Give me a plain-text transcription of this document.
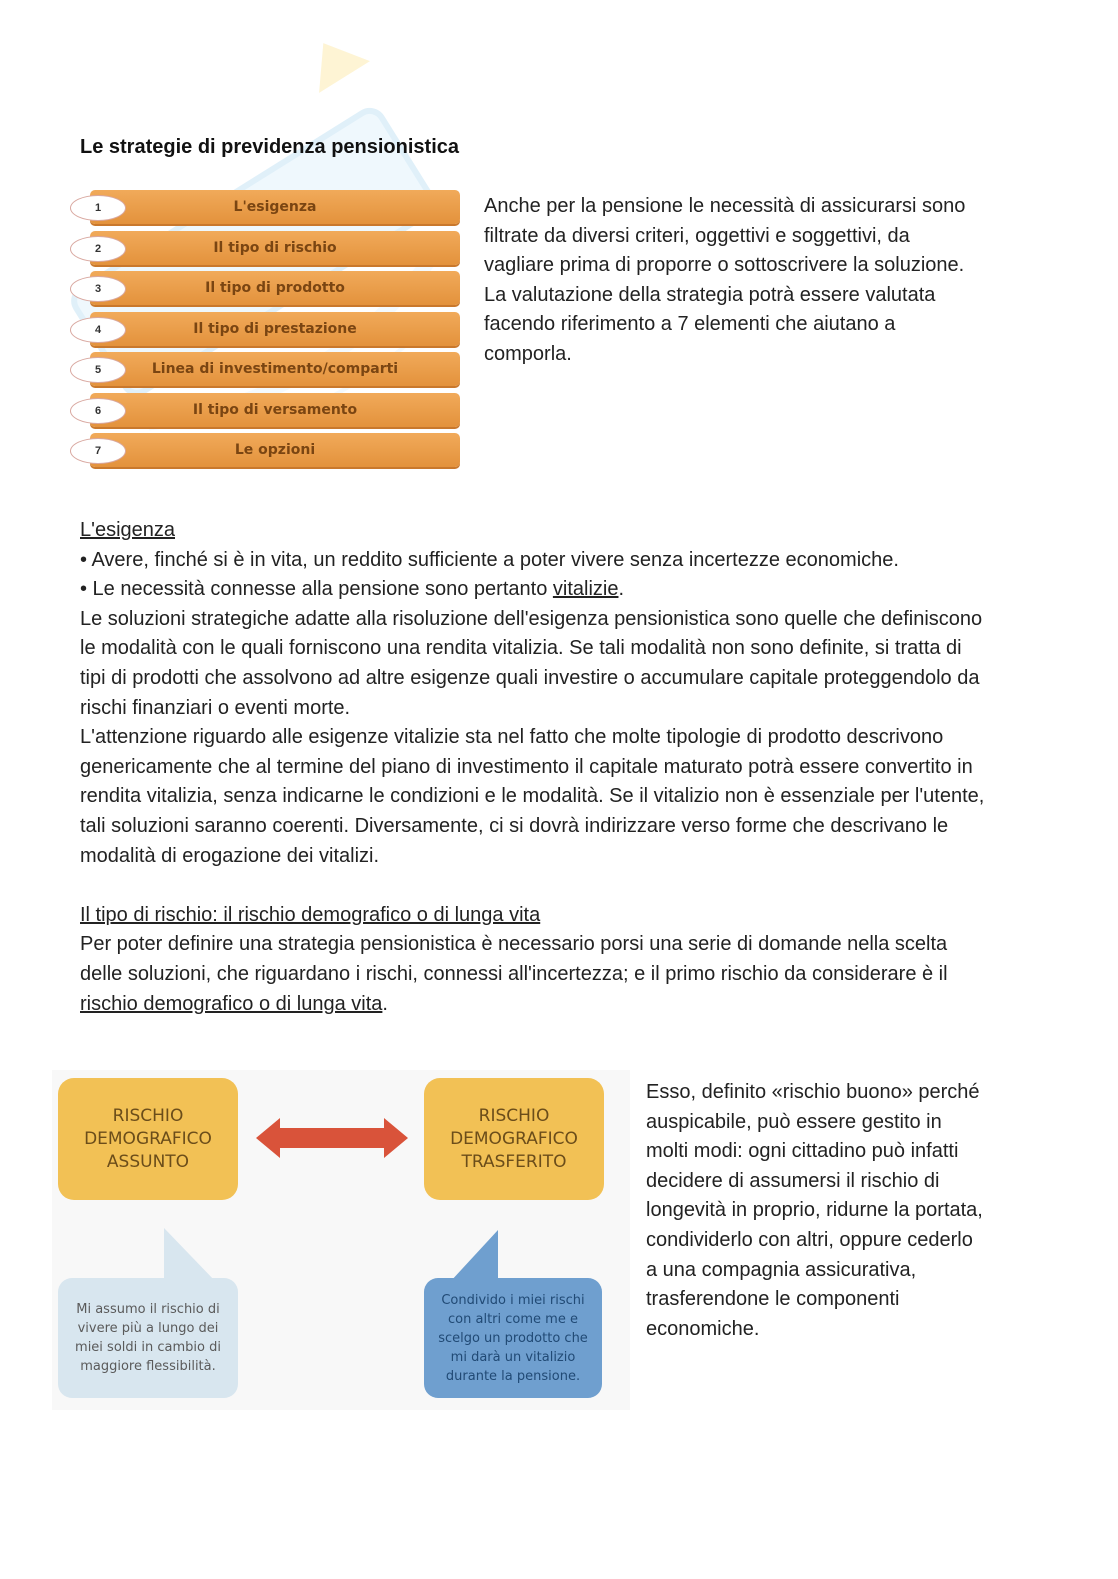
Le strategie di previdenza pensionistica
1	L'esigenza
2	Il tipo di rischio
3	Il tipo di prodotto
4	Il tipo di prestazione
5	Linea di investimento/comparti
6	Il tipo di versamento
7	Le opzioni
Anche per la pensione le necessità di assicurarsi sono filtrate da diversi criteri, oggettivi e soggettivi, da vagliare prima di proporre o sottoscrivere la soluzione. La valutazione della strategia potrà essere valutata facendo riferimento a 7 elementi che aiutano a comporla.

L'esigenza

• Avere, finché si è in vita, un reddito sufficiente a poter vivere senza incertezze economiche.

• Le necessità connesse alla pensione sono pertanto vitalizie.

Le soluzioni strategiche adatte alla risoluzione dell'esigenza pensionistica sono quelle che definiscono le modalità con le quali forniscono una rendita vitalizia. Se tali modalità non sono definite, si tratta di tipi di prodotti che assolvono ad altre esigenze quali investire o accumulare capitale proteggendolo da rischi finanziari o eventi morte.

L'attenzione riguardo alle esigenze vitalizie sta nel fatto che molte tipologie di prodotto descrivono genericamente che al termine del piano di investimento il capitale maturato potrà essere convertito in rendita vitalizia, senza indicarne le condizioni e le modalità. Se il vitalizio non è essenziale per l'utente, tali soluzioni saranno coerenti. Diversamente, ci si dovrà indirizzare verso forme che descrivano le modalità di erogazione dei vitalizi.

Il tipo di rischio: il rischio demografico o di lunga vita

Per poter definire una strategia pensionistica è necessario porsi una serie di domande nella scelta delle soluzioni, che riguardano i rischi, connessi all'incertezza; e il primo rischio da considerare è il rischio demografico o di lunga vita.

RISCHIO
DEMOGRAFICO
ASSUNTO
RISCHIO
DEMOGRAFICO
TRASFERITO
Mi assumo il rischio di
vivere più a lungo dei
miei soldi in cambio di
maggiore flessibilità.
Condivido i miei rischi
con altri come me e
scelgo un prodotto che
mi darà un vitalizio
durante la pensione.
Esso, definito «rischio buono» perché auspicabile, può essere gestito in molti modi: ogni cittadino può infatti decidere di assumersi il rischio di longevità in proprio, ridurne la portata, condividerlo con altri, oppure cederlo a una compagnia assicurativa, trasferendone le componenti economiche.
